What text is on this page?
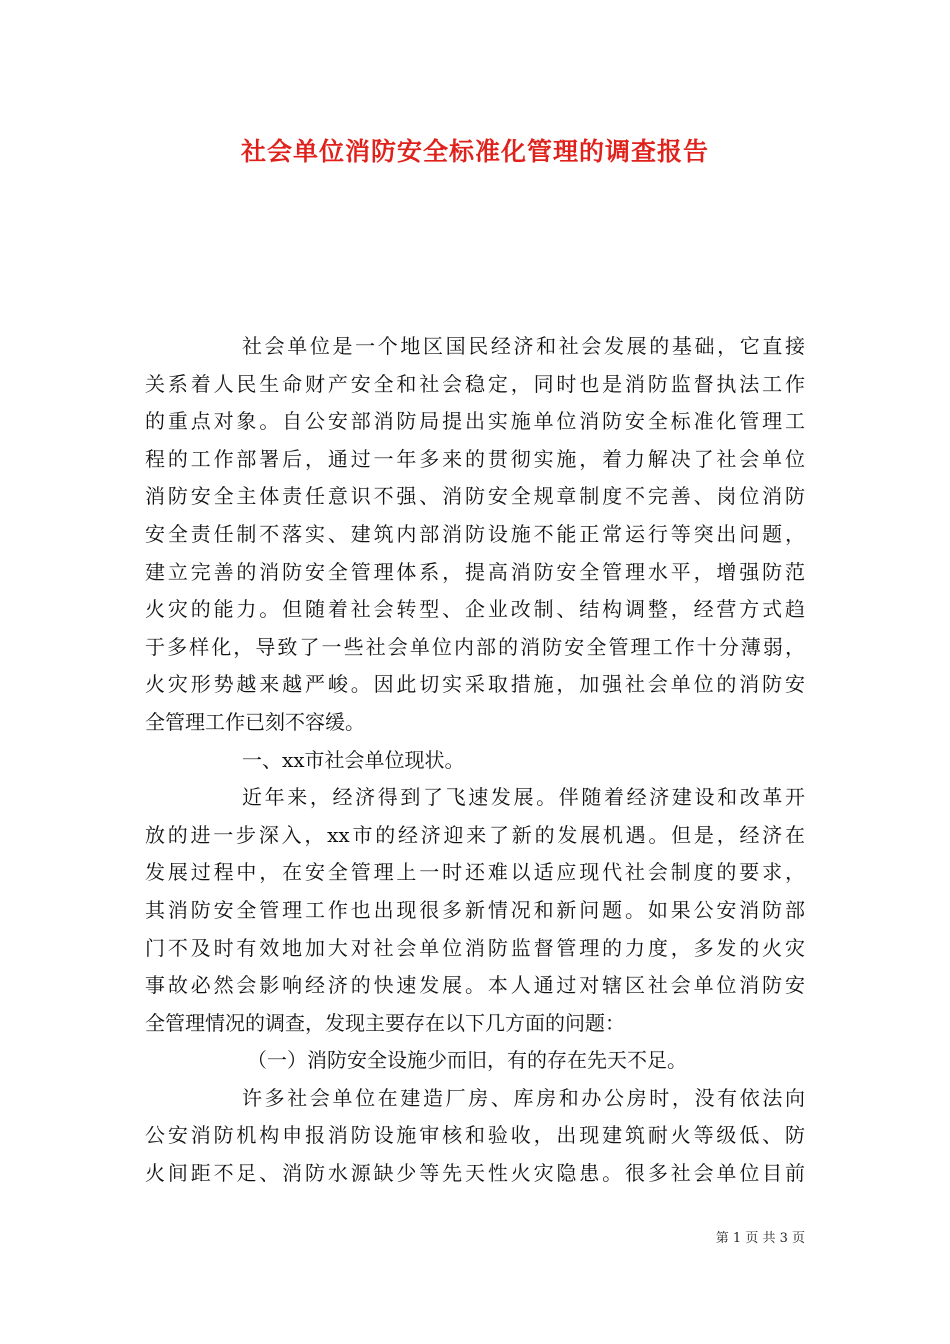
社会单位消防安全标准化管理的调查报告
社会单位是一个地区国民经济和社会发展的基础，它直接
关系着人民生命财产安全和社会稳定，同时也是消防监督执法工作
的重点对象。自公安部消防局提出实施单位消防安全标准化管理工
程的工作部署后，通过一年多来的贯彻实施，着力解决了社会单位
消防安全主体责任意识不强、消防安全规章制度不完善、岗位消防
安全责任制不落实、建筑内部消防设施不能正常运行等突出问题，
建立完善的消防安全管理体系，提高消防安全管理水平，增强防范
火灾的能力。但随着社会转型、企业改制、结构调整，经营方式趋
于多样化，导致了一些社会单位内部的消防安全管理工作十分薄弱，
火灾形势越来越严峻。因此切实采取措施，加强社会单位的消防安
全管理工作已刻不容缓。
一、xx市社会单位现状。
近年来，经济得到了飞速发展。伴随着经济建设和改革开
放的进一步深入，xx市的经济迎来了新的发展机遇。但是，经济在
发展过程中，在安全管理上一时还难以适应现代社会制度的要求，
其消防安全管理工作也出现很多新情况和新问题。如果公安消防部
门不及时有效地加大对社会单位消防监督管理的力度，多发的火灾
事故必然会影响经济的快速发展。本人通过对辖区社会单位消防安
全管理情况的调查，发现主要存在以下几方面的问题：
（一）消防安全设施少而旧，有的存在先天不足。
许多社会单位在建造厂房、库房和办公房时，没有依法向
公安消防机构申报消防设施审核和验收，出现建筑耐火等级低、防
火间距不足、消防水源缺少等先天性火灾隐患。很多社会单位目前
第 1 页 共 3 页
